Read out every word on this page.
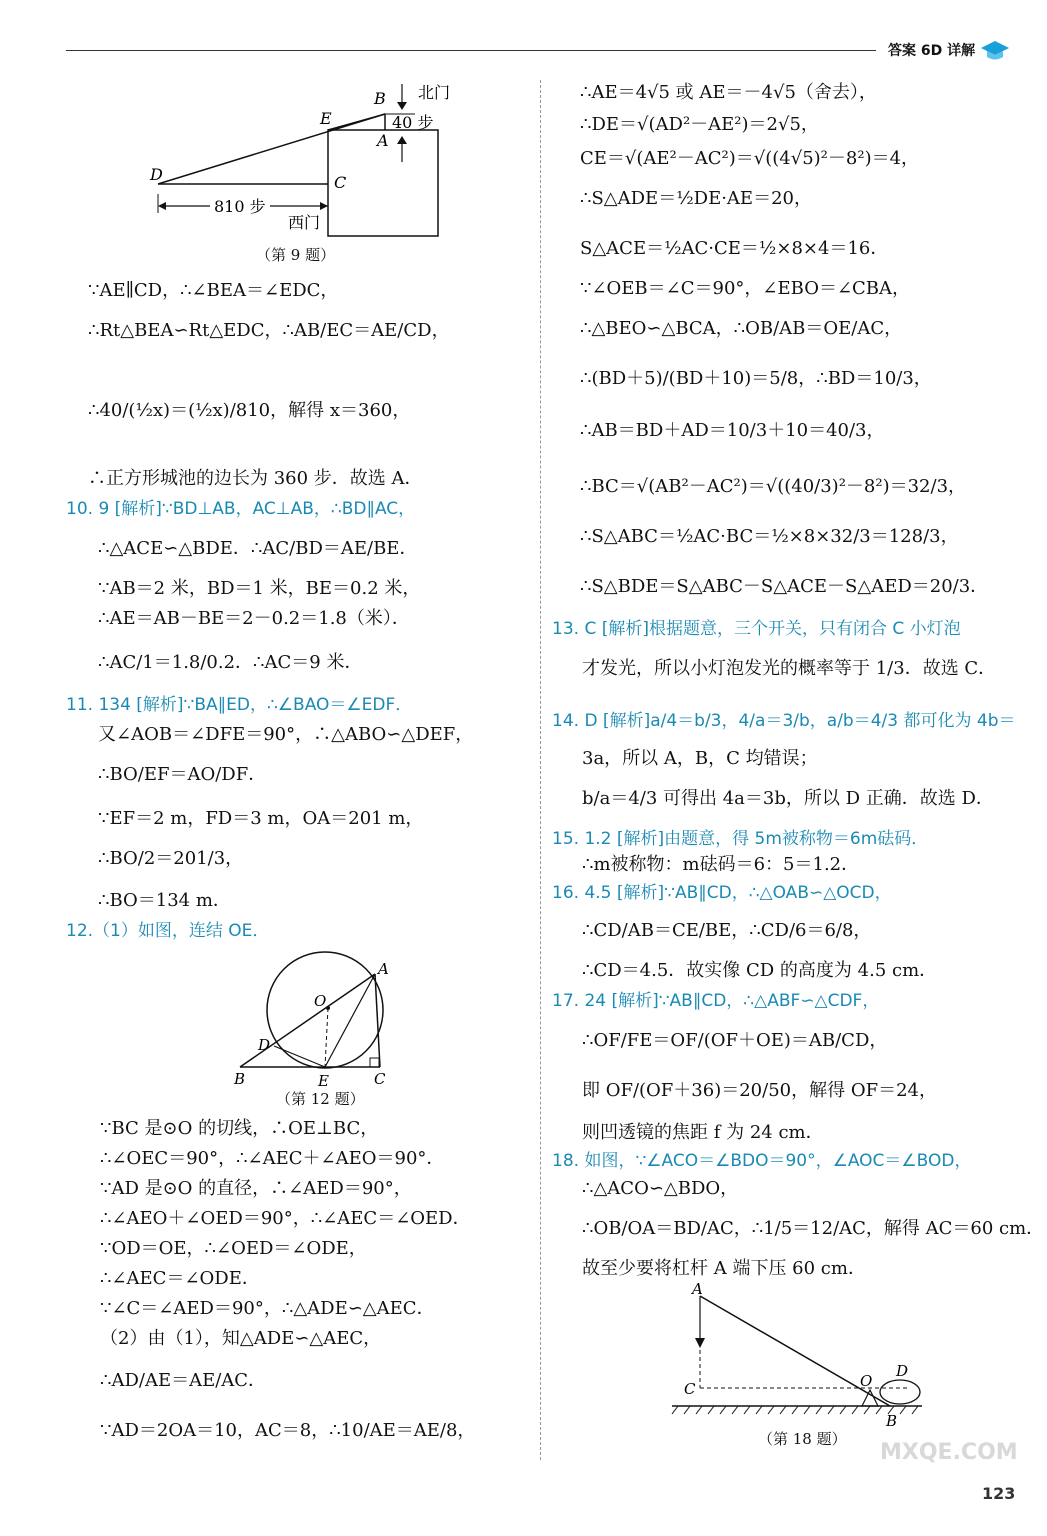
答案 6D 详解
B
E
A
D	C
北门
40 步
810 步
西门
（第 9 题）
∵AE∥CD，∴∠BEA＝∠EDC，
∴Rt△BEA∽Rt△EDC，∴AB/EC＝AE/CD，
∴40/(½x)＝(½x)/810，解得 x＝360，
∴正方形城池的边长为 360 步．故选 A．
10. 9 [解析]∵BD⊥AB，AC⊥AB，∴BD∥AC，
∴△ACE∽△BDE．∴AC/BD＝AE/BE．
∵AB＝2 米，BD＝1 米，BE＝0.2 米，
∴AE＝AB－BE＝2－0.2＝1.8（米）．
∴AC/1＝1.8/0.2．∴AC＝9 米．
11. 134 [解析]∵BA∥ED，∴∠BAO＝∠EDF．
又∠AOB＝∠DFE＝90°，∴△ABO∽△DEF，
∴BO/EF＝AO/DF．
∵EF＝2 m，FD＝3 m，OA＝201 m，
∴BO/2＝201/3，
∴BO＝134 m．
12.（1）如图，连结 OE．
A
O
D
B	E	C
（第 12 题）
∵BC 是⊙O 的切线，∴OE⊥BC，
∴∠OEC＝90°，∴∠AEC＋∠AEO＝90°．
∵AD 是⊙O 的直径，∴∠AED＝90°，
∴∠AEO＋∠OED＝90°，∴∠AEC＝∠OED．
∵OD＝OE，∴∠OED＝∠ODE，
∴∠AEC＝∠ODE．
∵∠C＝∠AED＝90°，∴△ADE∽△AEC．
（2）由（1），知△ADE∽△AEC，
∴AD/AE＝AE/AC．
∵AD＝2OA＝10，AC＝8，∴10/AE＝AE/8，
∴AE＝4√5 或 AE＝－4√5（舍去），
∴DE＝√(AD²－AE²)＝2√5，
CE＝√(AE²－AC²)＝√((4√5)²－8²)＝4，
∴S△ADE＝½DE·AE＝20，
S△ACE＝½AC·CE＝½×8×4＝16．
∵∠OEB＝∠C＝90°，∠EBO＝∠CBA，
∴△BEO∽△BCA，∴OB/AB＝OE/AC，
∴(BD＋5)/(BD＋10)＝5/8，∴BD＝10/3，
∴AB＝BD＋AD＝10/3＋10＝40/3，
∴BC＝√(AB²－AC²)＝√((40/3)²－8²)＝32/3，
∴S△ABC＝½AC·BC＝½×8×32/3＝128/3，
∴S△BDE＝S△ABC－S△ACE－S△AED＝20/3．
13. C [解析]根据题意，三个开关，只有闭合 C 小灯泡
才发光，所以小灯泡发光的概率等于 1/3．故选 C．
14. D [解析]a/4＝b/3，4/a＝3/b，a/b＝4/3 都可化为 4b＝
3a，所以 A，B，C 均错误；
b/a＝4/3 可得出 4a＝3b，所以 D 正确．故选 D．
15. 1.2 [解析]由题意，得 5m被称物＝6m砝码．
∴m被称物：m砝码＝6：5＝1.2．
16. 4.5 [解析]∵AB∥CD，∴△OAB∽△OCD，
∴CD/AB＝CE/BE，∴CD/6＝6/8，
∴CD＝4.5．故实像 CD 的高度为 4.5 cm．
17. 24 [解析]∵AB∥CD，∴△ABF∽△CDF，
∴OF/FE＝OF/(OF＋OE)＝AB/CD，
即 OF/(OF＋36)＝20/50，解得 OF＝24，
则凹透镜的焦距 f 为 24 cm．
18. 如图，∵∠ACO＝∠BDO＝90°，∠AOC＝∠BOD，
∴△ACO∽△BDO，
∴OB/OA＝BD/AC，∴1/5＝12/AC，解得 AC＝60 cm．
故至少要将杠杆 A 端下压 60 cm．
A
C	O
D
B
（第 18 题）
MXQE.COM
123
